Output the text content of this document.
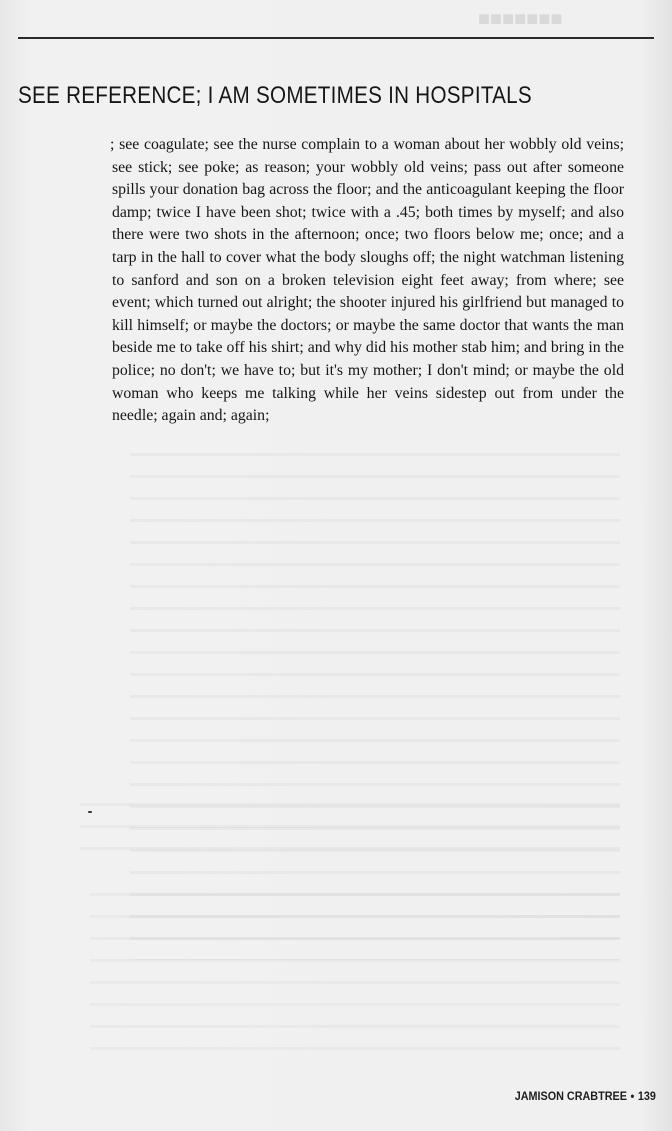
■■■■■■■
SEE REFERENCE; I AM SOMETIMES IN HOSPITALS
; see coagulate; see the nurse complain to a woman about her wobbly old veins; see stick; see poke; as reason; your wobbly old veins; pass out after someone spills your donation bag across the floor; and the anticoagulant keeping the floor damp; twice I have been shot; twice with a .45; both times by myself; and also there were two shots in the afternoon; once; two floors below me; once; and a tarp in the hall to cover what the body sloughs off; the night watchman listening to sanford and son on a broken television eight feet away; from where; see event; which turned out alright; the shooter injured his girlfriend but managed to kill himself; or maybe the doctors; or maybe the same doctor that wants the man beside me to take off his shirt; and why did his mother stab him; and bring in the police; no don't; we have to; but it's my mother; I don't mind; or maybe the old woman who keeps me talking while her veins sidestep out from under the needle; again and; again;
JAMISON CRABTREE • 139
